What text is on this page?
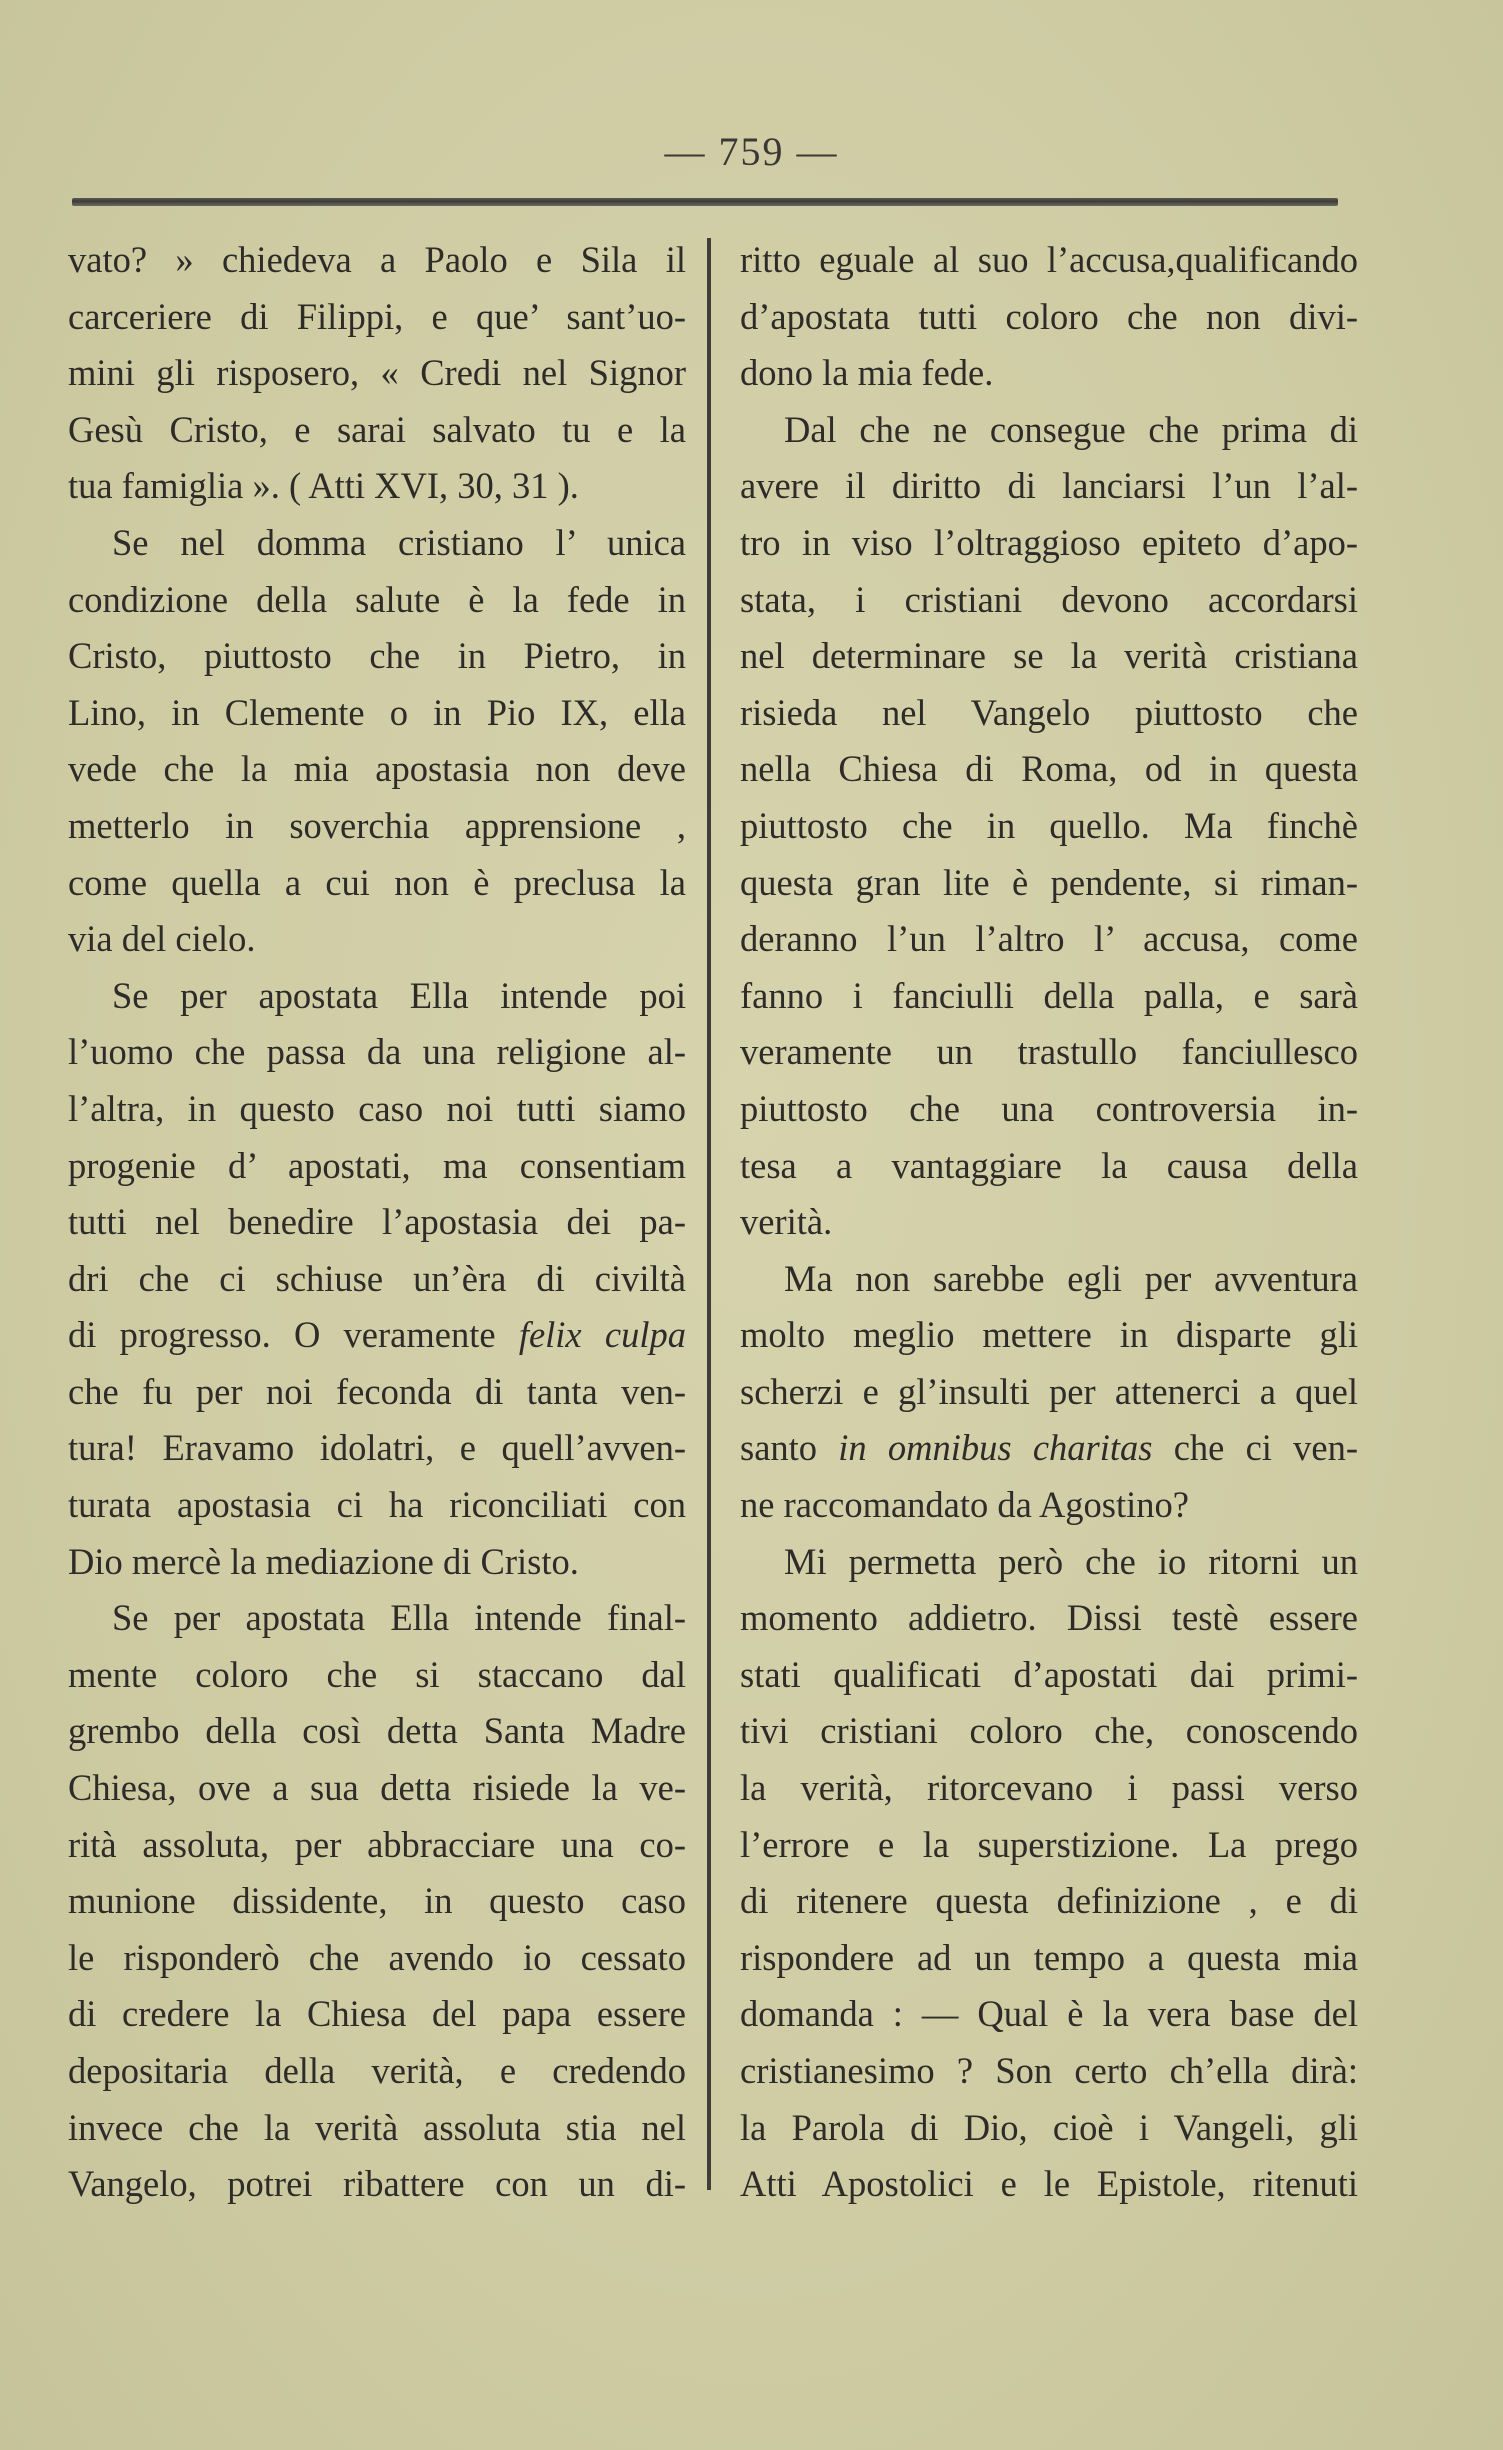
— 759 —
vato? » chiedeva a Paolo e Sila il
carceriere di Filippi, e que’ sant’uo-
mini gli risposero, « Credi nel Signor
Gesù Cristo, e sarai salvato tu e la
tua famiglia ». ( Atti XVI, 30, 31 ).
Se nel domma cristiano l’ unica
condizione della salute è la fede in
Cristo, piuttosto che in Pietro, in
Lino, in Clemente o in Pio IX, ella
vede che la mia apostasia non deve
metterlo in soverchia apprensione ,
come quella a cui non è preclusa la
via del cielo.
Se per apostata Ella intende poi
l’uomo che passa da una religione al-
l’altra, in questo caso noi tutti siamo
progenie d’ apostati, ma consentiam
tutti nel benedire l’apostasia dei pa-
dri che ci schiuse un’èra di civiltà
di progresso. O veramente felix culpa
che fu per noi feconda di tanta ven-
tura! Eravamo idolatri, e quell’avven-
turata apostasia ci ha riconciliati con
Dio mercè la mediazione di Cristo.
Se per apostata Ella intende final-
mente coloro che si staccano dal
grembo della così detta Santa Madre
Chiesa, ove a sua detta risiede la ve-
rità assoluta, per abbracciare una co-
munione dissidente, in questo caso
le risponderò che avendo io cessato
di credere la Chiesa del papa essere
depositaria della verità, e credendo
invece che la verità assoluta stia nel
Vangelo, potrei ribattere con un di-
ritto eguale al suo l’accusa,qualificando
d’apostata tutti coloro che non divi-
dono la mia fede.
Dal che ne consegue che prima di
avere il diritto di lanciarsi l’un l’al-
tro in viso l’oltraggioso epiteto d’apo-
stata, i cristiani devono accordarsi
nel determinare se la verità cristiana
risieda nel Vangelo piuttosto che
nella Chiesa di Roma, od in questa
piuttosto che in quello. Ma finchè
questa gran lite è pendente, si riman-
deranno l’un l’altro l’ accusa, come
fanno i fanciulli della palla, e sarà
veramente un trastullo fanciullesco
piuttosto che una controversia in-
tesa a vantaggiare la causa della
verità.
Ma non sarebbe egli per avventura
molto meglio mettere in disparte gli
scherzi e gl’insulti per attenerci a quel
santo in omnibus charitas che ci ven-
ne raccomandato da Agostino?
Mi permetta però che io ritorni un
momento addietro. Dissi testè essere
stati qualificati d’apostati dai primi-
tivi cristiani coloro che, conoscendo
la verità, ritorcevano i passi verso
l’errore e la superstizione. La prego
di ritenere questa definizione , e di
rispondere ad un tempo a questa mia
domanda : — Qual è la vera base del
cristianesimo ? Son certo ch’ella dirà:
la Parola di Dio, cioè i Vangeli, gli
Atti Apostolici e le Epistole, ritenuti
